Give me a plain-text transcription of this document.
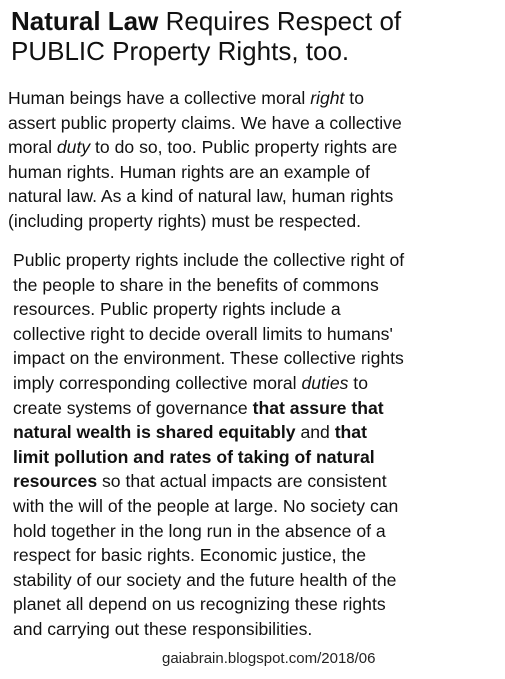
Natural Law Requires Respect of
PUBLIC Property Rights, too.
Human beings have a collective moral right to
assert public property claims. We have a collective
moral duty to do so, too. Public property rights are
human rights. Human rights are an example of
natural law. As a kind of natural law, human rights
(including property rights) must be respected.
Public property rights include the collective right of
the people to share in the benefits of commons
resources. Public property rights include a
collective right to decide overall limits to humans'
impact on the environment. These collective rights
imply corresponding collective moral duties to
create systems of governance that assure that
natural wealth is shared equitably and that
limit pollution and rates of taking of natural
resources so that actual impacts are consistent
with the will of the people at large. No society can
hold together in the long run in the absence of a
respect for basic rights. Economic justice, the
stability of our society and the future health of the
planet all depend on us recognizing these rights
and carrying out these responsibilities.
gaiabrain.blogspot.com/2018/06
